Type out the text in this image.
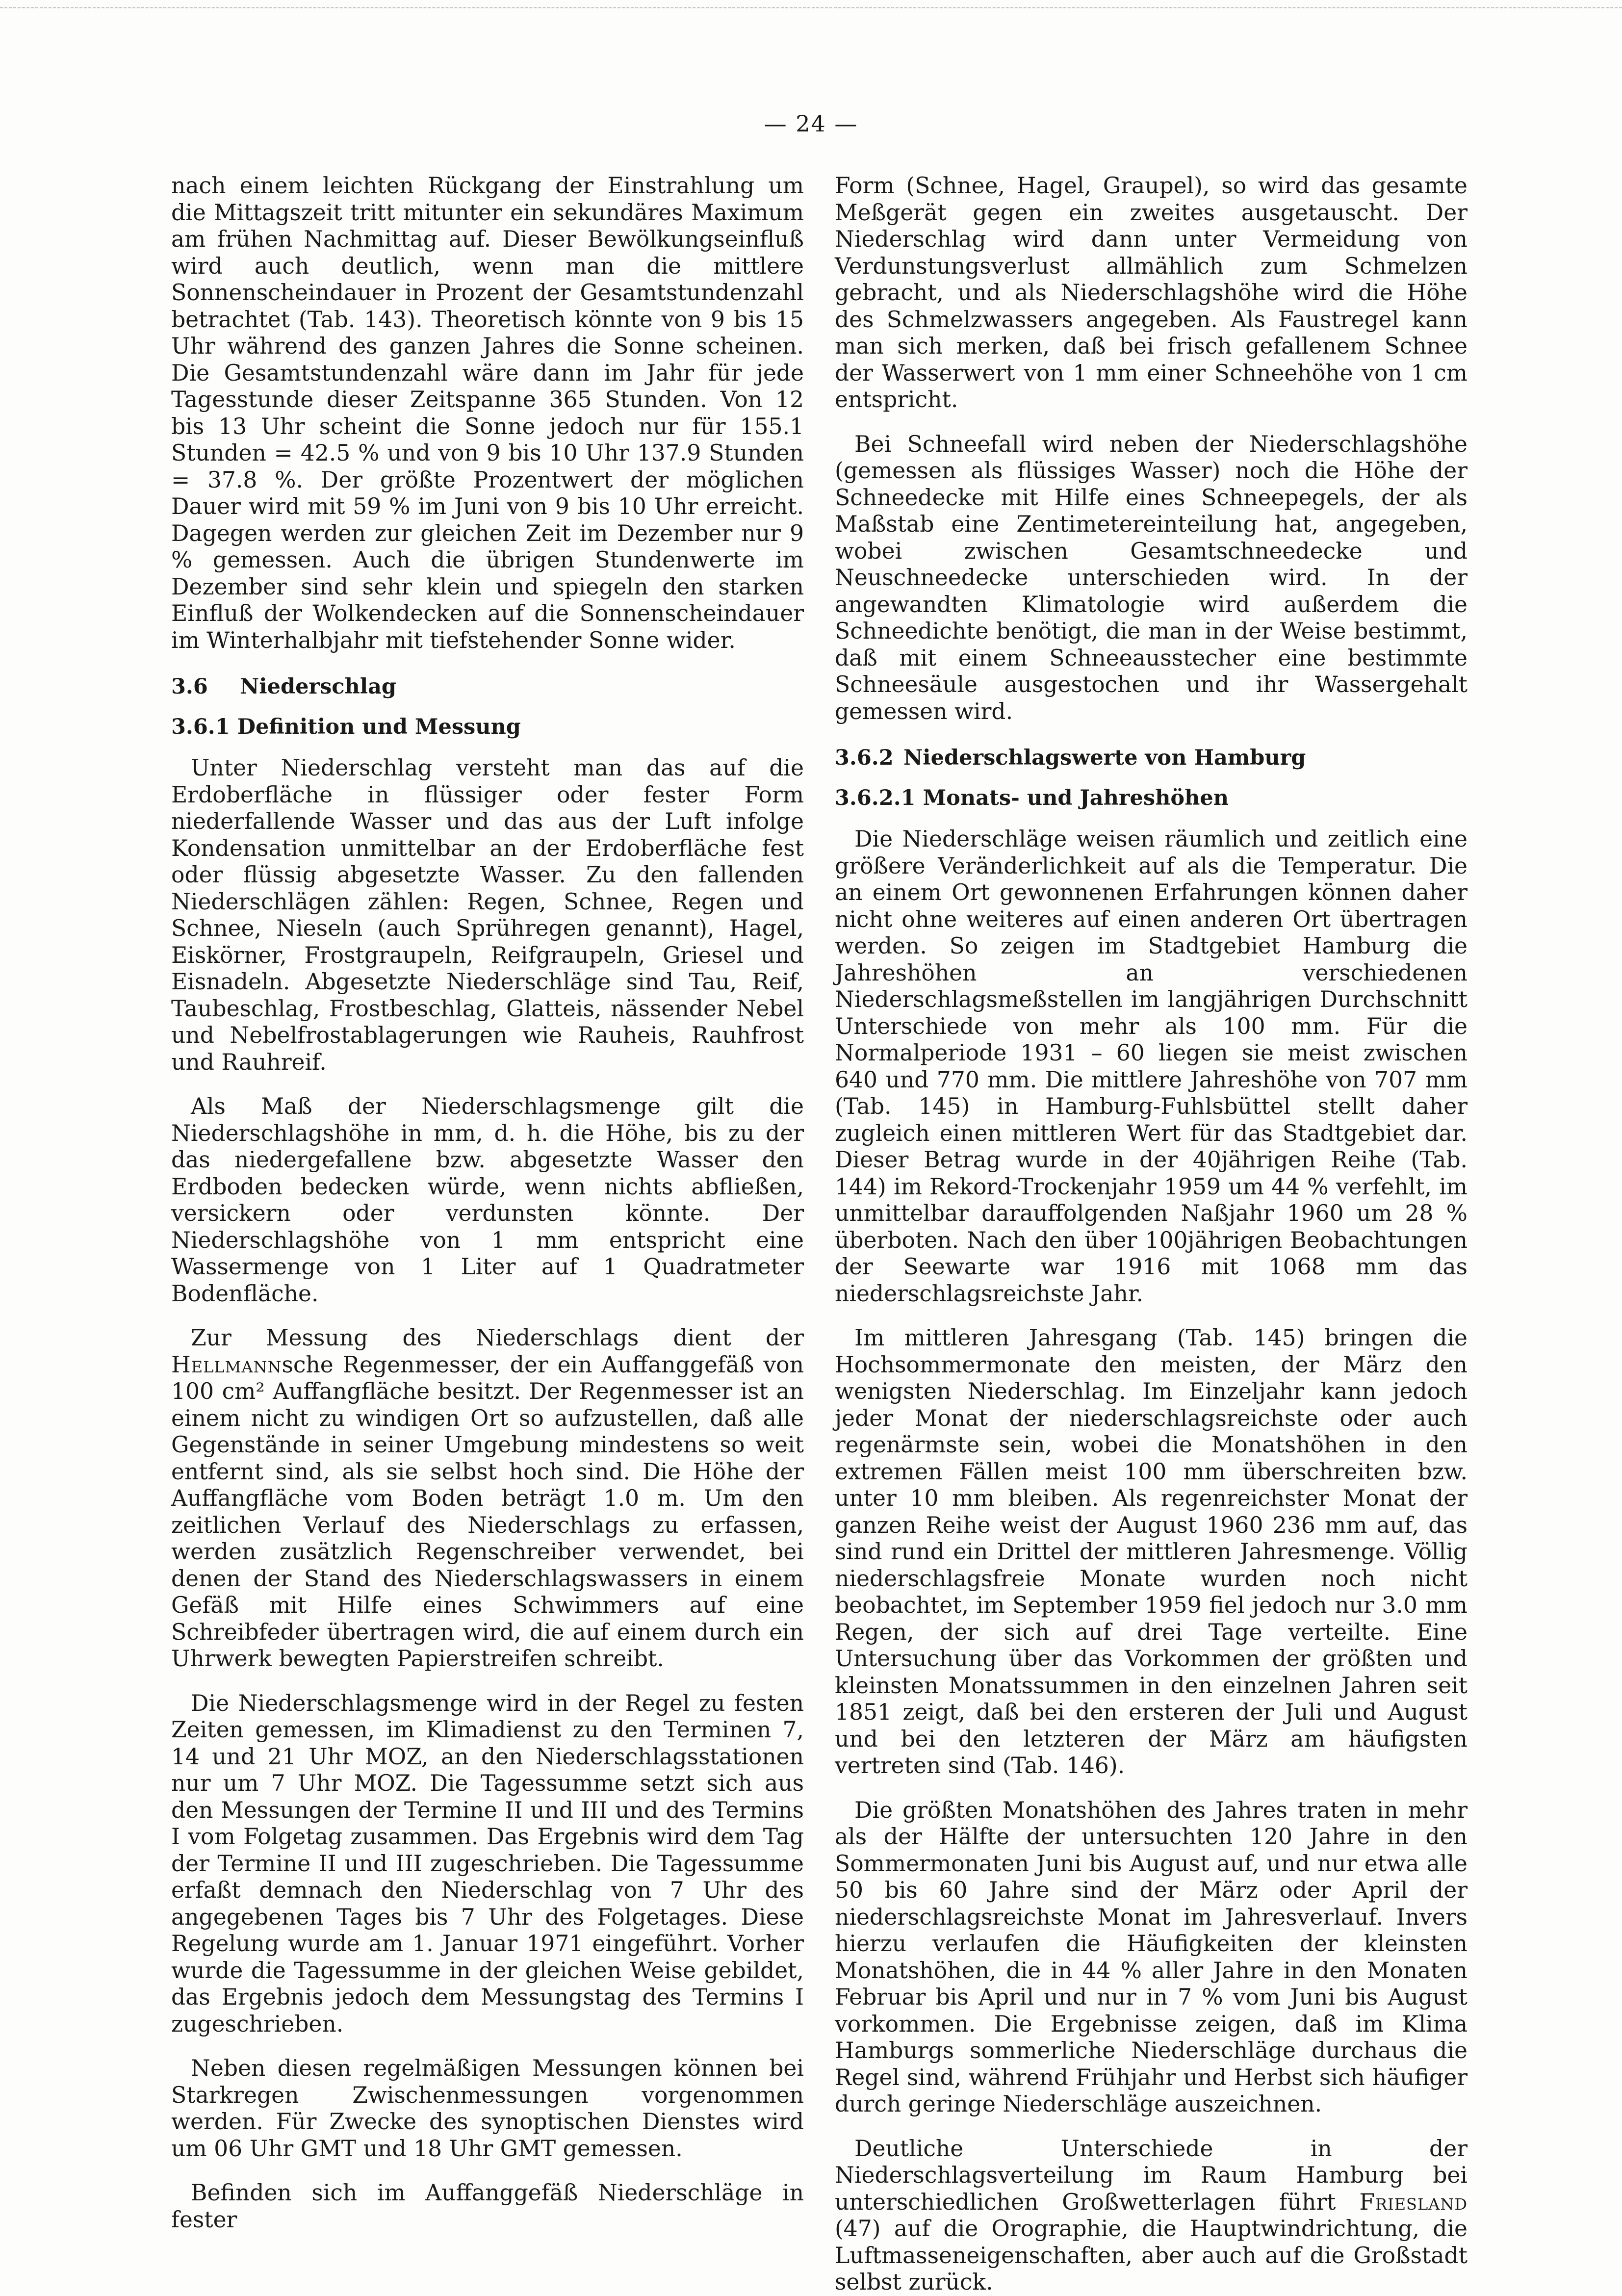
— 24 —

nach einem leichten Rückgang der Einstrahlung um die Mittagszeit tritt mitunter ein sekundäres Maximum am frühen Nachmittag auf. Dieser Bewölkungseinfluß wird auch deutlich, wenn man die mittlere Sonnenscheindauer in Prozent der Gesamtstundenzahl betrachtet (Tab. 143). Theoretisch könnte von 9 bis 15 Uhr während des ganzen Jahres die Sonne scheinen. Die Gesamtstundenzahl wäre dann im Jahr für jede Tagesstunde dieser Zeitspanne 365 Stunden. Von 12 bis 13 Uhr scheint die Sonne jedoch nur für 155.1 Stunden = 42.5 % und von 9 bis 10 Uhr 137.9 Stunden = 37.8 %. Der größte Prozentwert der möglichen Dauer wird mit 59 % im Juni von 9 bis 10 Uhr erreicht. Dagegen werden zur gleichen Zeit im Dezember nur 9 % gemessen. Auch die übrigen Stundenwerte im Dezember sind sehr klein und spiegeln den starken Einfluß der Wolkendecken auf die Sonnenscheindauer im Winterhalbjahr mit tiefstehender Sonne wider.

3.6 Niederschlag
3.6.1 Definition und Messung

Unter Niederschlag versteht man das auf die Erdoberfläche in flüssiger oder fester Form niederfallende Wasser und das aus der Luft infolge Kondensation unmittelbar an der Erdoberfläche fest oder flüssig abgesetzte Wasser. Zu den fallenden Niederschlägen zählen: Regen, Schnee, Regen und Schnee, Nieseln (auch Sprühregen genannt), Hagel, Eiskörner, Frostgraupeln, Reifgraupeln, Griesel und Eisnadeln. Abgesetzte Niederschläge sind Tau, Reif, Taubeschlag, Frostbeschlag, Glatteis, nässender Nebel und Nebelfrostablagerungen wie Rauheis, Rauhfrost und Rauhreif.

Als Maß der Niederschlagsmenge gilt die Niederschlagshöhe in mm, d. h. die Höhe, bis zu der das niedergefallene bzw. abgesetzte Wasser den Erdboden bedecken würde, wenn nichts abfließen, versickern oder verdunsten könnte. Der Niederschlagshöhe von 1 mm entspricht eine Wassermenge von 1 Liter auf 1 Quadratmeter Bodenfläche.

Zur Messung des Niederschlags dient der Hellmannsche Regenmesser, der ein Auffanggefäß von 100 cm² Auffangfläche besitzt. Der Regenmesser ist an einem nicht zu windigen Ort so aufzustellen, daß alle Gegenstände in seiner Umgebung mindestens so weit entfernt sind, als sie selbst hoch sind. Die Höhe der Auffangfläche vom Boden beträgt 1.0 m. Um den zeitlichen Verlauf des Niederschlags zu erfassen, werden zusätzlich Regenschreiber verwendet, bei denen der Stand des Niederschlagswassers in einem Gefäß mit Hilfe eines Schwimmers auf eine Schreibfeder übertragen wird, die auf einem durch ein Uhrwerk bewegten Papierstreifen schreibt.

Die Niederschlagsmenge wird in der Regel zu festen Zeiten gemessen, im Klimadienst zu den Terminen 7, 14 und 21 Uhr MOZ, an den Niederschlagsstationen nur um 7 Uhr MOZ. Die Tagessumme setzt sich aus den Messungen der Termine II und III und des Termins I vom Folgetag zusammen. Das Ergebnis wird dem Tag der Termine II und III zugeschrieben. Die Tagessumme erfaßt demnach den Niederschlag von 7 Uhr des angegebenen Tages bis 7 Uhr des Folgetages. Diese Regelung wurde am 1. Januar 1971 eingeführt. Vorher wurde die Tagessumme in der gleichen Weise gebildet, das Ergebnis jedoch dem Messungstag des Termins I zugeschrieben.

Neben diesen regelmäßigen Messungen können bei Starkregen Zwischenmessungen vorgenommen werden. Für Zwecke des synoptischen Dienstes wird um 06 Uhr GMT und 18 Uhr GMT gemessen.

Befinden sich im Auffanggefäß Niederschläge in fester

Form (Schnee, Hagel, Graupel), so wird das gesamte Meßgerät gegen ein zweites ausgetauscht. Der Niederschlag wird dann unter Vermeidung von Verdunstungsverlust allmählich zum Schmelzen gebracht, und als Niederschlagshöhe wird die Höhe des Schmelzwassers angegeben. Als Faustregel kann man sich merken, daß bei frisch gefallenem Schnee der Wasserwert von 1 mm einer Schneehöhe von 1 cm entspricht.

Bei Schneefall wird neben der Niederschlagshöhe (gemessen als flüssiges Wasser) noch die Höhe der Schneedecke mit Hilfe eines Schneepegels, der als Maßstab eine Zentimetereinteilung hat, angegeben, wobei zwischen Gesamtschneedecke und Neuschneedecke unterschieden wird. In der angewandten Klimatologie wird außerdem die Schneedichte benötigt, die man in der Weise bestimmt, daß mit einem Schneeausstecher eine bestimmte Schneesäule ausgestochen und ihr Wassergehalt gemessen wird.

3.6.2 Niederschlagswerte von Hamburg
3.6.2.1 Monats- und Jahreshöhen

Die Niederschläge weisen räumlich und zeitlich eine größere Veränderlichkeit auf als die Temperatur. Die an einem Ort gewonnenen Erfahrungen können daher nicht ohne weiteres auf einen anderen Ort übertragen werden. So zeigen im Stadtgebiet Hamburg die Jahreshöhen an verschiedenen Niederschlagsmeßstellen im langjährigen Durchschnitt Unterschiede von mehr als 100 mm. Für die Normalperiode 1931 – 60 liegen sie meist zwischen 640 und 770 mm. Die mittlere Jahreshöhe von 707 mm (Tab. 145) in Hamburg-Fuhlsbüttel stellt daher zugleich einen mittleren Wert für das Stadtgebiet dar. Dieser Betrag wurde in der 40jährigen Reihe (Tab. 144) im Rekord-Trockenjahr 1959 um 44 % verfehlt, im unmittelbar darauffolgenden Naßjahr 1960 um 28 % überboten. Nach den über 100jährigen Beobachtungen der Seewarte war 1916 mit 1068 mm das niederschlagsreichste Jahr.

Im mittleren Jahresgang (Tab. 145) bringen die Hochsommermonate den meisten, der März den wenigsten Niederschlag. Im Einzeljahr kann jedoch jeder Monat der niederschlagsreichste oder auch regenärmste sein, wobei die Monatshöhen in den extremen Fällen meist 100 mm überschreiten bzw. unter 10 mm bleiben. Als regenreichster Monat der ganzen Reihe weist der August 1960 236 mm auf, das sind rund ein Drittel der mittleren Jahresmenge. Völlig niederschlagsfreie Monate wurden noch nicht beobachtet, im September 1959 fiel jedoch nur 3.0 mm Regen, der sich auf drei Tage verteilte. Eine Untersuchung über das Vorkommen der größten und kleinsten Monatssummen in den einzelnen Jahren seit 1851 zeigt, daß bei den ersteren der Juli und August und bei den letzteren der März am häufigsten vertreten sind (Tab. 146).

Die größten Monatshöhen des Jahres traten in mehr als der Hälfte der untersuchten 120 Jahre in den Sommermonaten Juni bis August auf, und nur etwa alle 50 bis 60 Jahre sind der März oder April der niederschlagsreichste Monat im Jahresverlauf. Invers hierzu verlaufen die Häufigkeiten der kleinsten Monatshöhen, die in 44 % aller Jahre in den Monaten Februar bis April und nur in 7 % vom Juni bis August vorkommen. Die Ergebnisse zeigen, daß im Klima Hamburgs sommerliche Niederschläge durchaus die Regel sind, während Frühjahr und Herbst sich häufiger durch geringe Niederschläge auszeichnen.

Deutliche Unterschiede in der Niederschlagsverteilung im Raum Hamburg bei unterschiedlichen Großwetterlagen führt Friesland (47) auf die Orographie, die Hauptwindrichtung, die Luftmasseneigenschaften, aber auch auf die Großstadt selbst zurück.
